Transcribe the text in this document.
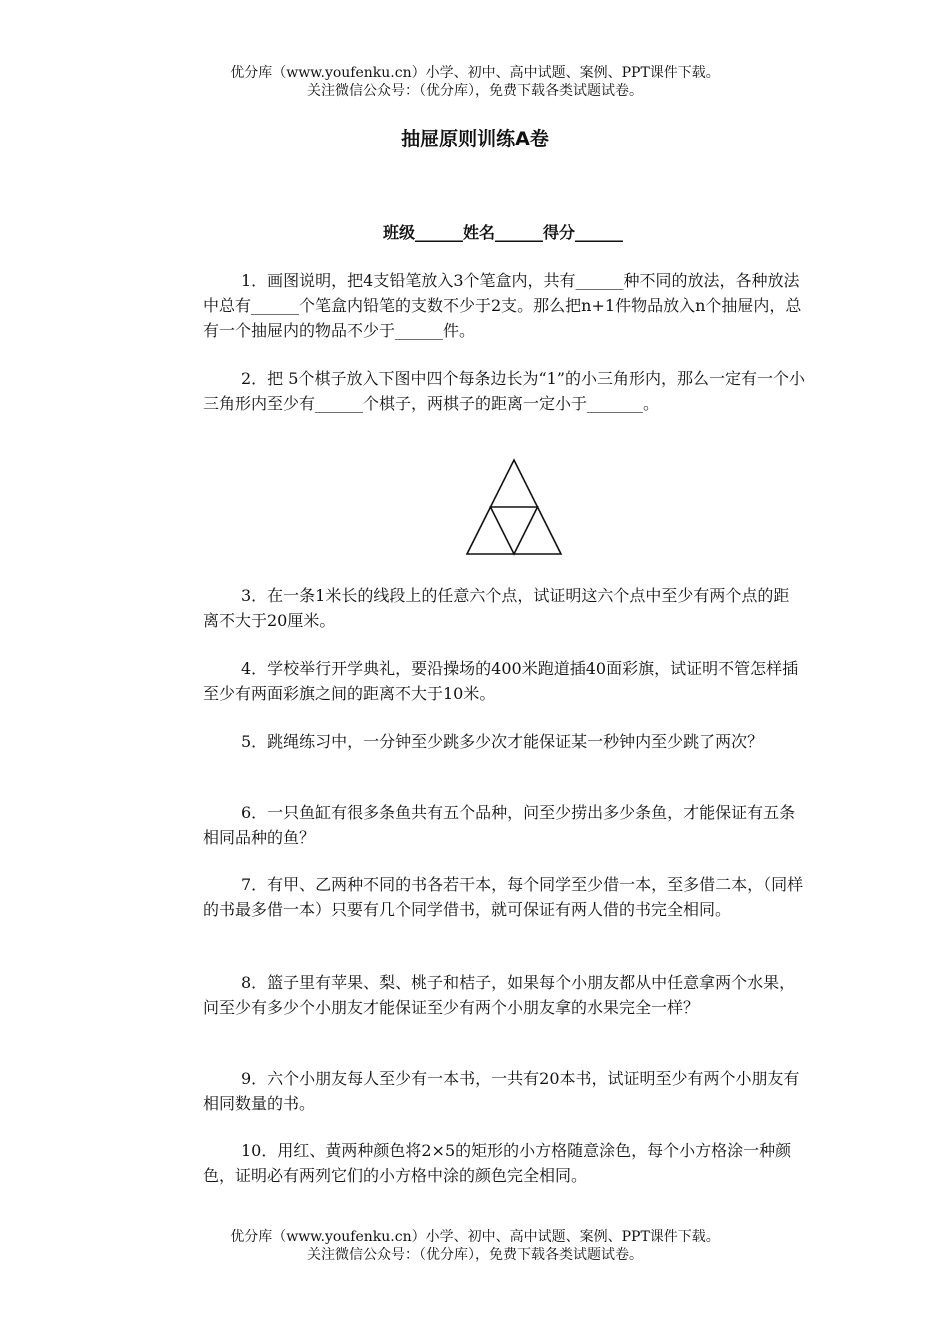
优分库（www.youfenku.cn）小学、初中、高中试题、案例、PPT课件下载。
关注微信公众号：（优分库），免费下载各类试题试卷。
抽屉原则训练A卷
班级______姓名______得分______

1．画图说明，把4支铅笔放入3个笔盒内，共有______种不同的放法，各种放法中总有______个笔盒内铅笔的支数不少于2支。那么把n+1件物品放入n个抽屉内，总有一个抽屉内的物品不少于______件。

2．把 5个棋子放入下图中四个每条边长为“1”的小三角形内，那么一定有一个小三角形内至少有______个棋子，两棋子的距离一定小于_______。

3．在一条1米长的线段上的任意六个点，试证明这六个点中至少有两个点的距离不大于20厘米。

4．学校举行开学典礼，要沿操场的400米跑道插40面彩旗，试证明不管怎样插至少有两面彩旗之间的距离不大于10米。

5．跳绳练习中，一分钟至少跳多少次才能保证某一秒钟内至少跳了两次？

6．一只鱼缸有很多条鱼共有五个品种，问至少捞出多少条鱼，才能保证有五条相同品种的鱼？

7．有甲、乙两种不同的书各若干本，每个同学至少借一本，至多借二本，（同样的书最多借一本）只要有几个同学借书，就可保证有两人借的书完全相同。

8．篮子里有苹果、梨、桃子和桔子，如果每个小朋友都从中任意拿两个水果，问至少有多少个小朋友才能保证至少有两个小朋友拿的水果完全一样？

9．六个小朋友每人至少有一本书，一共有20本书，试证明至少有两个小朋友有相同数量的书。

10．用红、黄两种颜色将2×5的矩形的小方格随意涂色，每个小方格涂一种颜色，证明必有两列它们的小方格中涂的颜色完全相同。

优分库（www.youfenku.cn）小学、初中、高中试题、案例、PPT课件下载。
关注微信公众号：（优分库），免费下载各类试题试卷。
